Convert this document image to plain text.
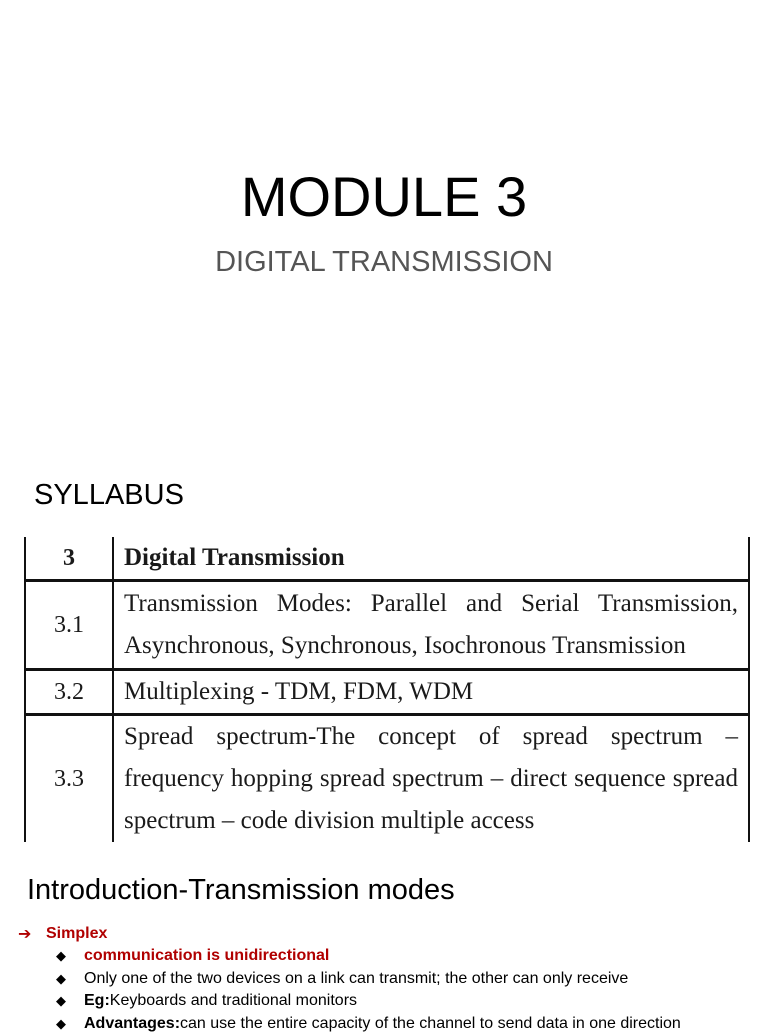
MODULE 3
DIGITAL TRANSMISSION
SYLLABUS
3	Digital Transmission
3.1	Transmission Modes: Parallel and Serial Transmission, Asynchronous, Synchronous, Isochronous Transmission
3.2	Multiplexing - TDM, FDM, WDM
3.3	Spread spectrum-The concept of spread spectrum – frequency hopping spread spectrum – direct sequence spread spectrum – code division multiple access
Introduction-Transmission modes
➔ Simplex
◆	communication is unidirectional
◆	Only one of the two devices on a link can transmit; the other can only receive
◆	Eg: Keyboards and traditional monitors
◆	Advantages: can use the entire capacity of the channel to send data in one direction
